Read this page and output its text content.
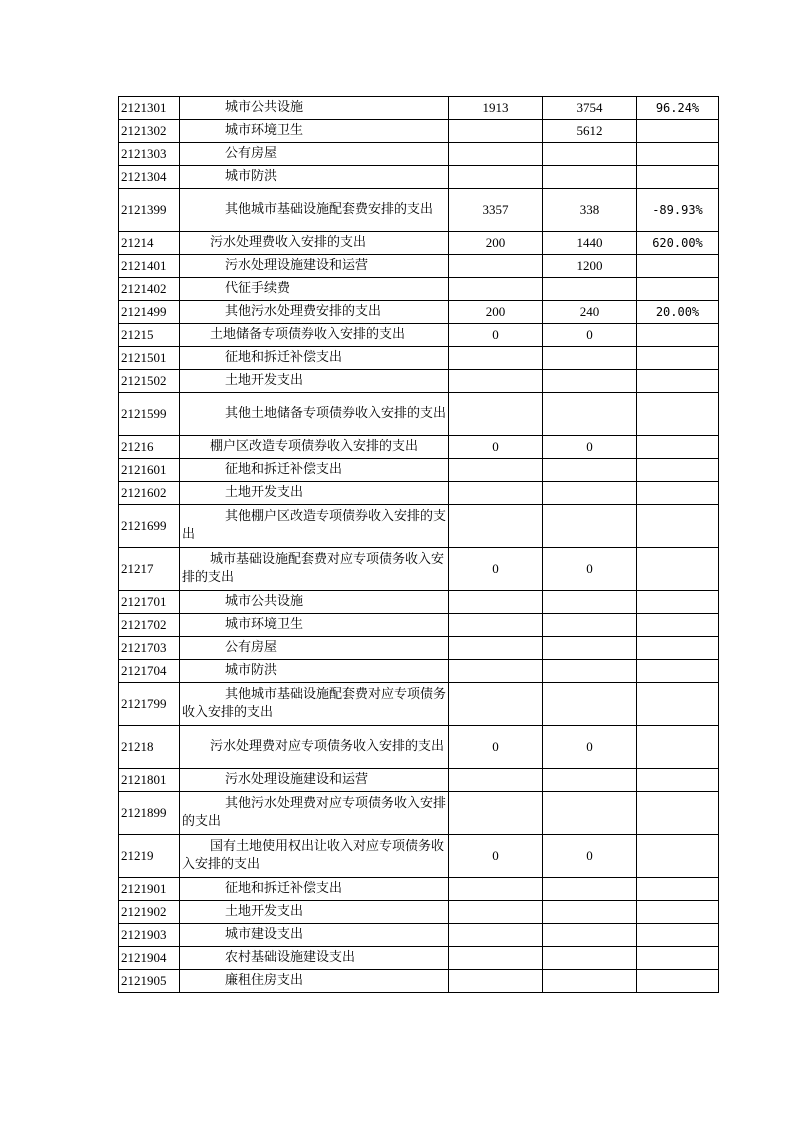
2121301	城市公共设施	1913	3754	96.24%
2121302	城市环境卫生		5612	
2121303	公有房屋			
2121304	城市防洪			
2121399	其他城市基础设施配套费安排的支出	3357	338	-89.93%
21214	污水处理费收入安排的支出	200	1440	620.00%
2121401	污水处理设施建设和运营		1200	
2121402	代征手续费			
2121499	其他污水处理费安排的支出	200	240	20.00%
21215	土地储备专项债券收入安排的支出	0	0	
2121501	征地和拆迁补偿支出			
2121502	土地开发支出			
2121599	其他土地储备专项债券收入安排的支出			
21216	棚户区改造专项债券收入安排的支出	0	0	
2121601	征地和拆迁补偿支出			
2121602	土地开发支出			
2121699	其他棚户区改造专项债券收入安排的支出			
21217	城市基础设施配套费对应专项债务收入安排的支出	0	0	
2121701	城市公共设施			
2121702	城市环境卫生			
2121703	公有房屋			
2121704	城市防洪			
2121799	其他城市基础设施配套费对应专项债务收入安排的支出			
21218	污水处理费对应专项债务收入安排的支出	0	0	
2121801	污水处理设施建设和运营			
2121899	其他污水处理费对应专项债务收入安排的支出			
21219	国有土地使用权出让收入对应专项债务收入安排的支出	0	0	
2121901	征地和拆迁补偿支出			
2121902	土地开发支出			
2121903	城市建设支出			
2121904	农村基础设施建设支出			
2121905	廉租住房支出			
